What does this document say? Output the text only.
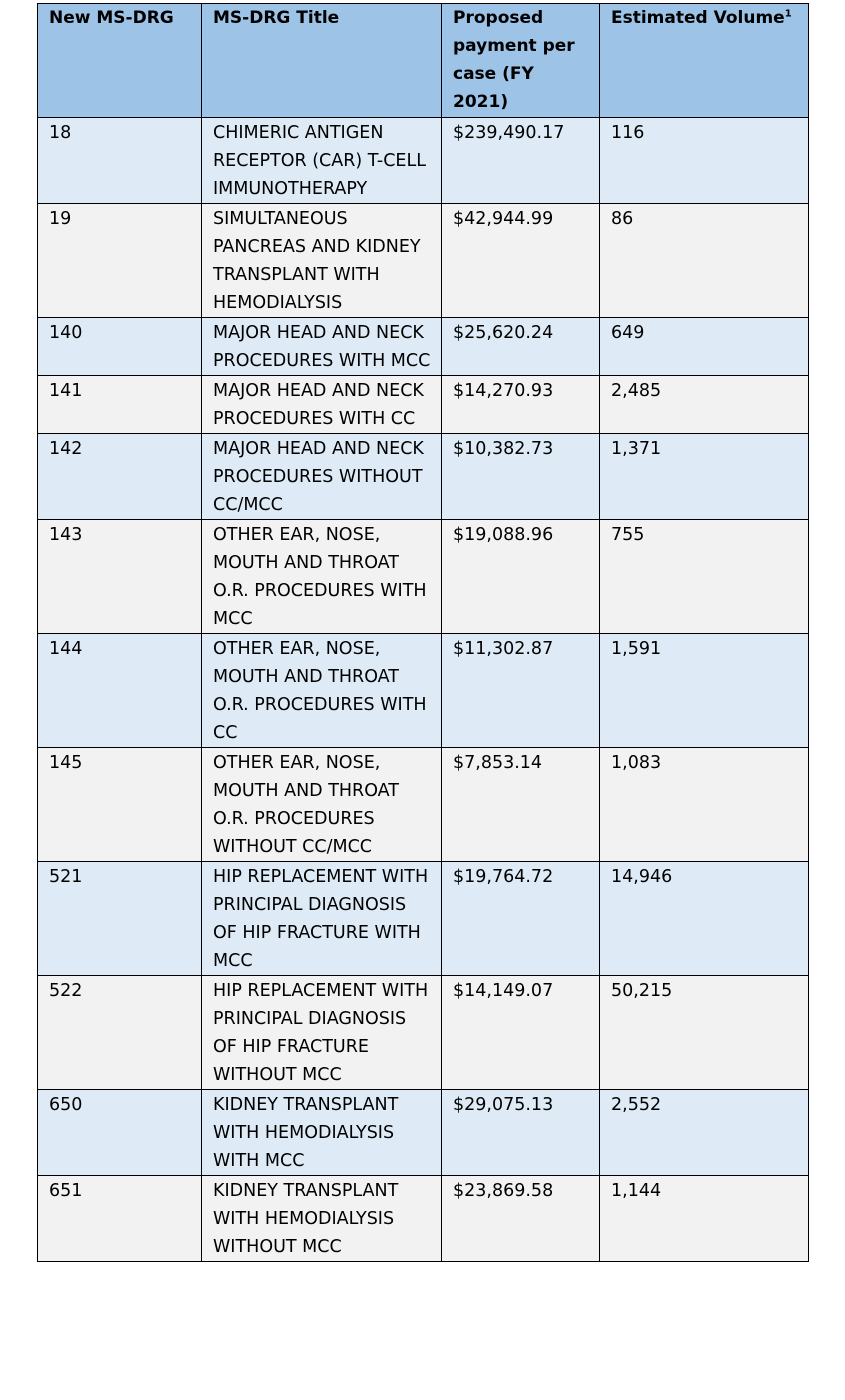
New MS-DRG	MS-DRG Title	Proposed payment per case (FY 2021)	Estimated Volume$^1$
18	CHIMERIC ANTIGEN RECEPTOR (CAR) T-CELL IMMUNOTHERAPY	$239,490.17	116
19	SIMULTANEOUS PANCREAS AND KIDNEY TRANSPLANT WITH HEMODIALYSIS	$42,944.99	86
140	MAJOR HEAD AND NECK PROCEDURES WITH MCC	$25,620.24	649
141	MAJOR HEAD AND NECK PROCEDURES WITH CC	$14,270.93	2,485
142	MAJOR HEAD AND NECK PROCEDURES WITHOUT CC/MCC	$10,382.73	1,371
143	OTHER EAR, NOSE, MOUTH AND THROAT O.R. PROCEDURES WITH MCC	$19,088.96	755
144	OTHER EAR, NOSE, MOUTH AND THROAT O.R. PROCEDURES WITH CC	$11,302.87	1,591
145	OTHER EAR, NOSE, MOUTH AND THROAT O.R. PROCEDURES WITHOUT CC/MCC	$7,853.14	1,083
521	HIP REPLACEMENT WITH PRINCIPAL DIAGNOSIS OF HIP FRACTURE WITH MCC	$19,764.72	14,946
522	HIP REPLACEMENT WITH PRINCIPAL DIAGNOSIS OF HIP FRACTURE WITHOUT MCC	$14,149.07	50,215
650	KIDNEY TRANSPLANT WITH HEMODIALYSIS WITH MCC	$29,075.13	2,552
651	KIDNEY TRANSPLANT WITH HEMODIALYSIS WITHOUT MCC	$23,869.58	1,144
